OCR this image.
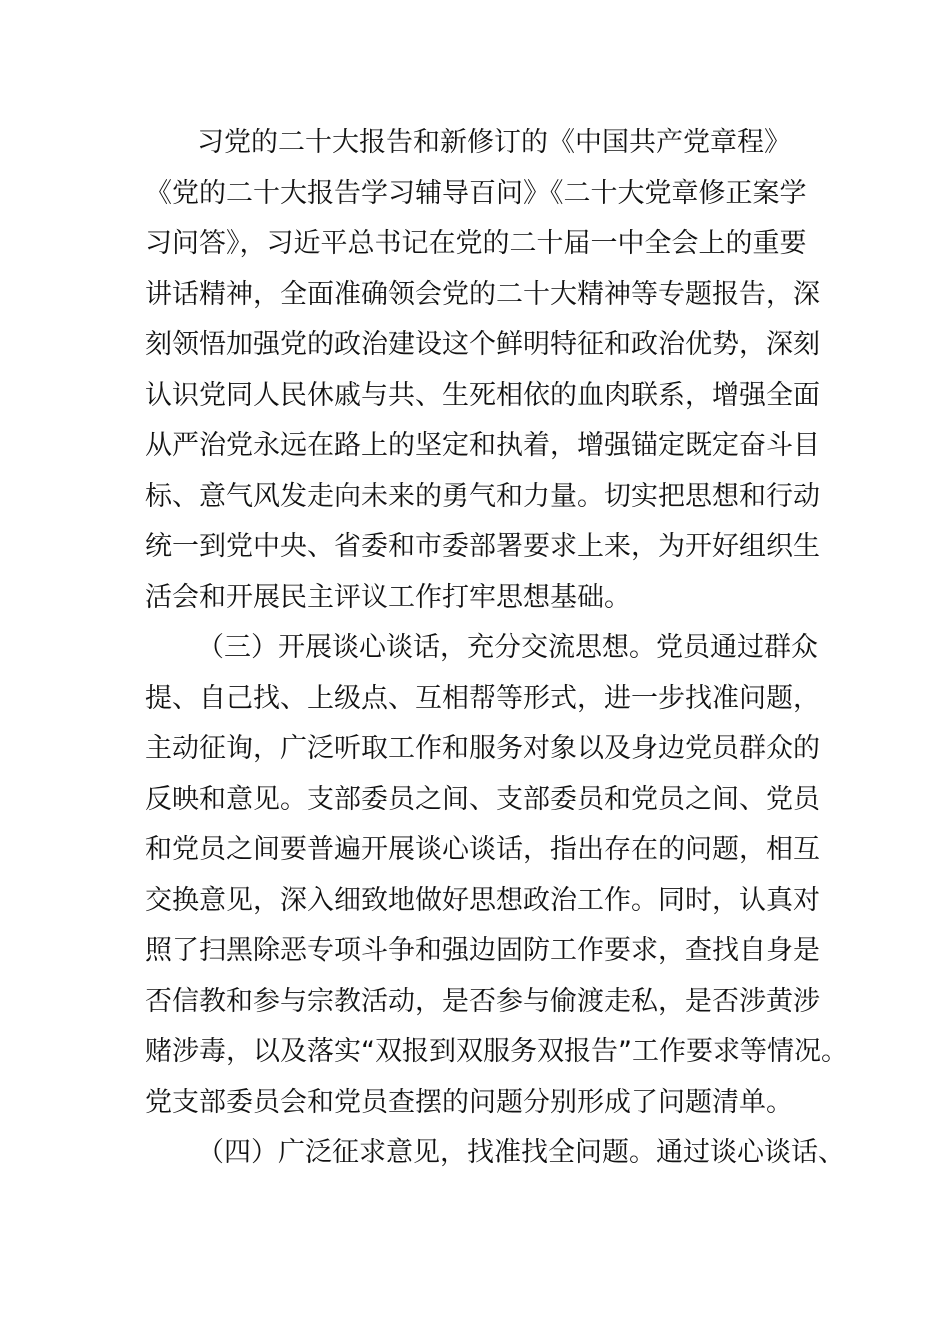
习党的二十大报告和新修订的《中国共产党章程》
《党的二十大报告学习辅导百问》《二十大党章修正案学
习问答》，习近平总书记在党的二十届一中全会上的重要
讲话精神，全面准确领会党的二十大精神等专题报告，深
刻领悟加强党的政治建设这个鲜明特征和政治优势，深刻
认识党同人民休戚与共、生死相依的血肉联系，增强全面
从严治党永远在路上的坚定和执着，增强锚定既定奋斗目
标、意气风发走向未来的勇气和力量。切实把思想和行动
统一到党中央、省委和市委部署要求上来，为开好组织生
活会和开展民主评议工作打牢思想基础。
（三）开展谈心谈话，充分交流思想。党员通过群众
提、自己找、上级点、互相帮等形式，进一步找准问题，
主动征询，广泛听取工作和服务对象以及身边党员群众的
反映和意见。支部委员之间、支部委员和党员之间、党员
和党员之间要普遍开展谈心谈话，指出存在的问题，相互
交换意见，深入细致地做好思想政治工作。同时，认真对
照了扫黑除恶专项斗争和强边固防工作要求，查找自身是
否信教和参与宗教活动，是否参与偷渡走私，是否涉黄涉
赌涉毒，以及落实“双报到双服务双报告”工作要求等情况。
党支部委员会和党员查摆的问题分别形成了问题清单。
（四）广泛征求意见，找准找全问题。通过谈心谈话、
